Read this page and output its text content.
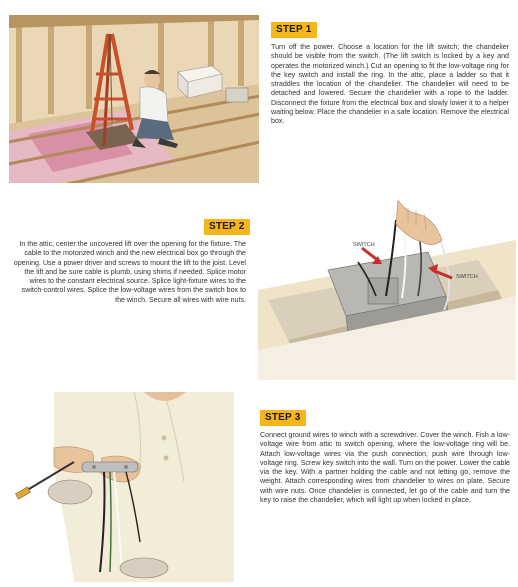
STEP 1

Turn off the power. Choose a location for the lift switch; the chandelier should be visible from the switch. (The lift switch is locked by a key and operates the motorized winch.) Cut an opening to fit the low-voltage ring for the key switch and install the ring. In the attic, place a ladder so that it straddles the location of the chandelier. The chandelier will need to be detached and lowered. Secure the chandelier with a rope to the ladder. Disconnect the fixture from the electrical box and slowly lower it to a helper waiting below. Place the chandelier in a safe location. Remove the electrical box.

STEP 2

In the attic, center the uncovered lift over the opening for the fixture. The cable to the motorized winch and the new electrical box go through the opening. Use a power driver and screws to mount the lift to the joist. Level the lift and be sure cable is plumb, using shims if needed. Splice motor wires to the constant electrical source. Splice light-fixture wires to the switch-control wires. Splice the low-voltage wires from the switch box to the winch. Secure all wires with wire nuts.

SWITCH
SWITCH
STEP 3

Connect ground wires to winch with a screwdriver. Cover the winch. Fish a low-voltage wire from attic to switch opening, where the low-voltage ring will be. Attach low-voltage wires via the push connection; push wire through low-voltage ring. Screw key switch into the wall. Turn on the power. Lower the cable via the key. With a partner holding the cable and not letting go, remove the weight. Attach corresponding wires from chandelier to wires on plate. Secure with wire nuts. Once chandelier is connected, let go of the cable and turn the key to raise the chandelier, which will light up when locked in place.
